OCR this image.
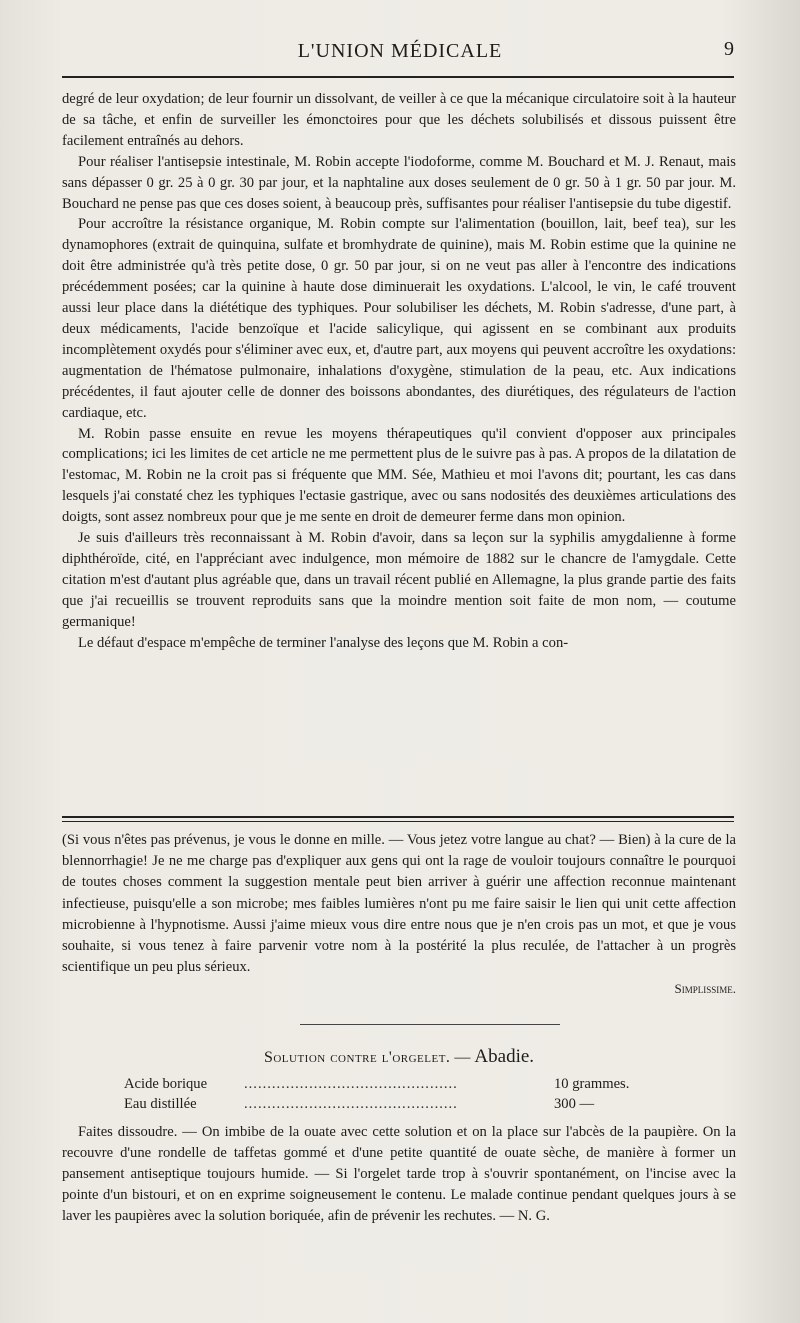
L'UNION MÉDICALE	9

degré de leur oxydation; de leur fournir un dissolvant, de veiller à ce que la mécanique circulatoire soit à la hauteur de sa tâche, et enfin de surveiller les émonctoires pour que les déchets solubilisés et dissous puissent être facilement entraînés au dehors.

Pour réaliser l'antisepsie intestinale, M. Robin accepte l'iodoforme, comme M. Bouchard et M. J. Renaut, mais sans dépasser 0 gr. 25 à 0 gr. 30 par jour, et la naphtaline aux doses seulement de 0 gr. 50 à 1 gr. 50 par jour. M. Bouchard ne pense pas que ces doses soient, à beaucoup près, suffisantes pour réaliser l'antisepsie du tube digestif.

Pour accroître la résistance organique, M. Robin compte sur l'alimentation (bouillon, lait, beef tea), sur les dynamophores (extrait de quinquina, sulfate et bromhydrate de quinine), mais M. Robin estime que la quinine ne doit être administrée qu'à très petite dose, 0 gr. 50 par jour, si on ne veut pas aller à l'encontre des indications précédemment posées; car la quinine à haute dose diminuerait les oxydations. L'alcool, le vin, le café trouvent aussi leur place dans la diététique des typhiques. Pour solubiliser les déchets, M. Robin s'adresse, d'une part, à deux médicaments, l'acide benzoïque et l'acide salicylique, qui agissent en se combinant aux produits incomplètement oxydés pour s'éliminer avec eux, et, d'autre part, aux moyens qui peuvent accroître les oxydations: augmentation de l'hématose pulmonaire, inhalations d'oxygène, stimulation de la peau, etc. Aux indications précédentes, il faut ajouter celle de donner des boissons abondantes, des diurétiques, des régulateurs de l'action cardiaque, etc.

M. Robin passe ensuite en revue les moyens thérapeutiques qu'il convient d'opposer aux principales complications; ici les limites de cet article ne me permettent plus de le suivre pas à pas. A propos de la dilatation de l'estomac, M. Robin ne la croit pas si fréquente que MM. Sée, Mathieu et moi l'avons dit; pourtant, les cas dans lesquels j'ai constaté chez les typhiques l'ectasie gastrique, avec ou sans nodosités des deuxièmes articulations des doigts, sont assez nombreux pour que je me sente en droit de demeurer ferme dans mon opinion.

Je suis d'ailleurs très reconnaissant à M. Robin d'avoir, dans sa leçon sur la syphilis amygdalienne à forme diphthéroïde, cité, en l'appréciant avec indulgence, mon mémoire de 1882 sur le chancre de l'amygdale. Cette citation m'est d'autant plus agréable que, dans un travail récent publié en Allemagne, la plus grande partie des faits que j'ai recueillis se trouvent reproduits sans que la moindre mention soit faite de mon nom, — coutume germanique!

Le défaut d'espace m'empêche de terminer l'analyse des leçons que M. Robin a con-

(Si vous n'êtes pas prévenus, je vous le donne en mille. — Vous jetez votre langue au chat? — Bien) à la cure de la blennorrhagie! Je ne me charge pas d'expliquer aux gens qui ont la rage de vouloir toujours connaître le pourquoi de toutes choses comment la suggestion mentale peut bien arriver à guérir une affection reconnue maintenant infectieuse, puisqu'elle a son microbe; mes faibles lumières n'ont pu me faire saisir le lien qui unit cette affection microbienne à l'hypnotisme. Aussi j'aime mieux vous dire entre nous que je n'en crois pas un mot, et que je vous souhaite, si vous tenez à faire parvenir votre nom à la postérité la plus reculée, de l'attacher à un progrès scientifique un peu plus sérieux.

Simplissime.

Solution contre l'orgelet. — Abadie.
Acide borique	..............................................	10 grammes.
Eau distillée	..............................................	300 —

Faites dissoudre. — On imbibe de la ouate avec cette solution et on la place sur l'abcès de la paupière. On la recouvre d'une rondelle de taffetas gommé et d'une petite quantité de ouate sèche, de manière à former un pansement antiseptique toujours humide. — Si l'orgelet tarde trop à s'ouvrir spontanément, on l'incise avec la pointe d'un bistouri, et on en exprime soigneusement le contenu. Le malade continue pendant quelques jours à se laver les paupières avec la solution boriquée, afin de prévenir les rechutes. — N. G.
